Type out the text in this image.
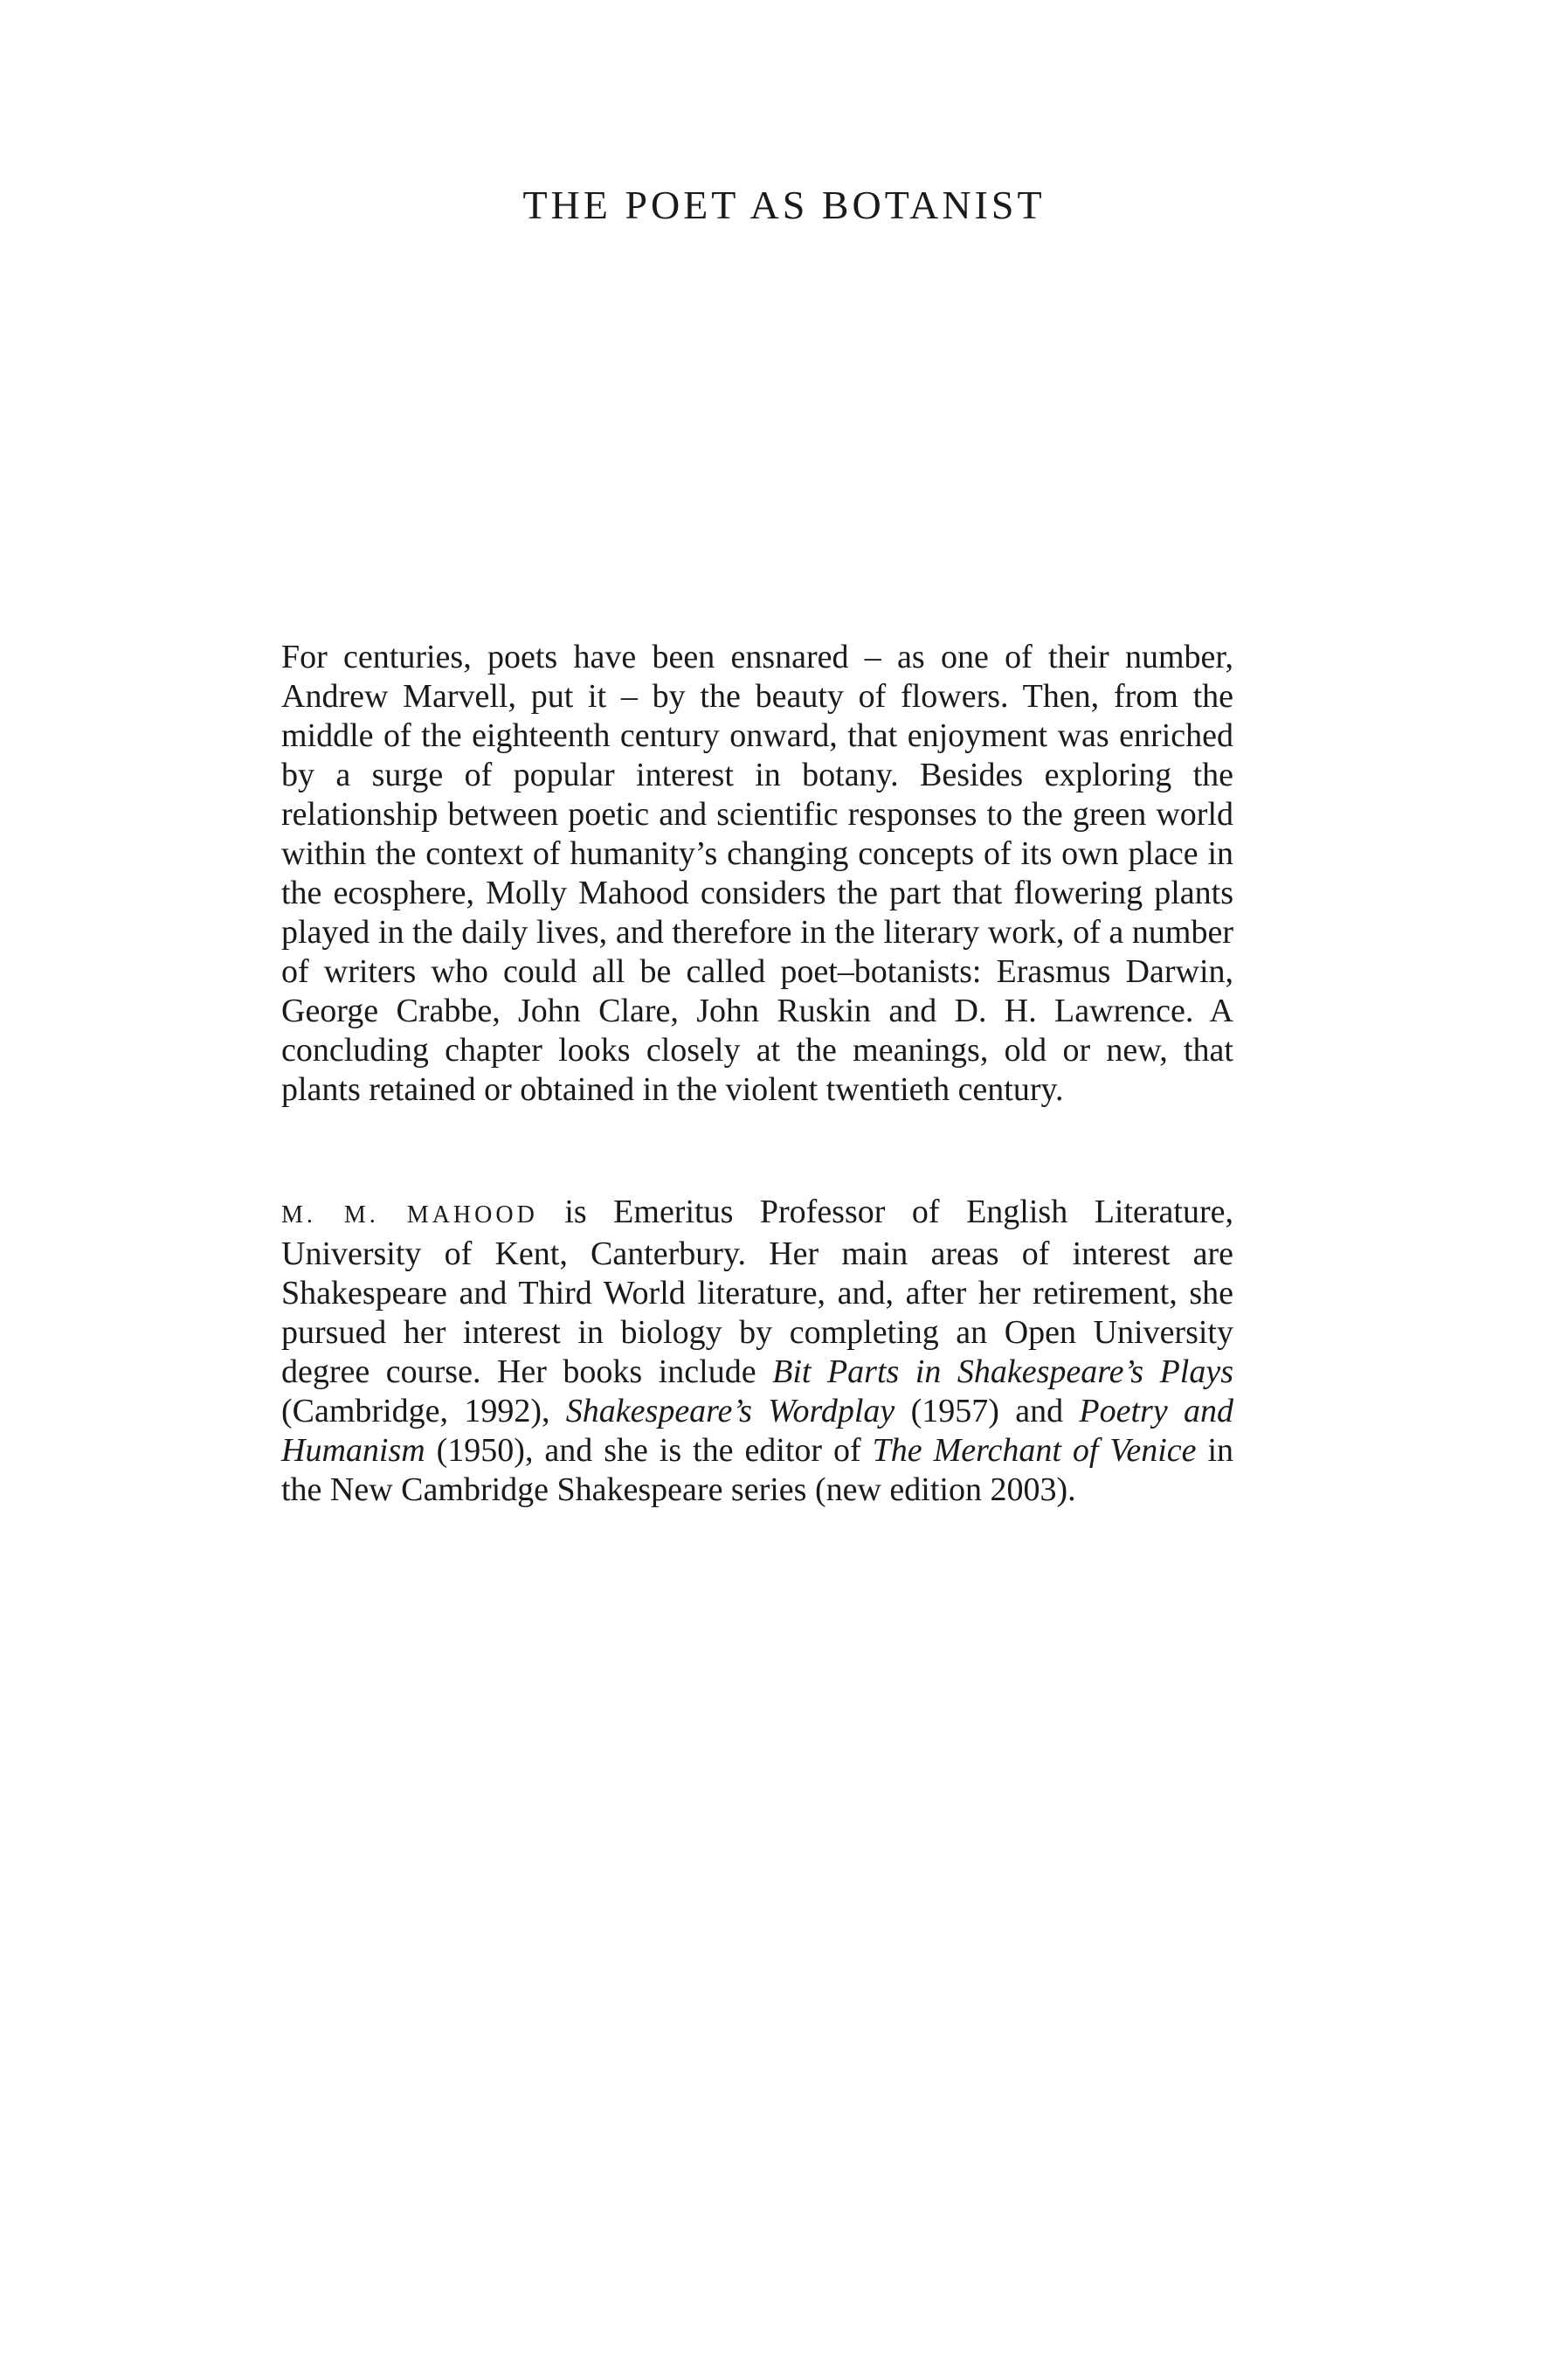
THE POET AS BOTANIST

For centuries, poets have been ensnared – as one of their number, Andrew Marvell, put it – by the beauty of flowers. Then, from the middle of the eighteenth century onward, that enjoyment was enriched by a surge of popular interest in botany. Besides exploring the relationship between poetic and scientific responses to the green world within the context of humanity’s changing concepts of its own place in the ecosphere, Molly Mahood considers the part that flowering plants played in the daily lives, and therefore in the literary work, of a number of writers who could all be called poet–botanists: Erasmus Darwin, George Crabbe, John Clare, John Ruskin and D. H. Lawrence. A concluding chapter looks closely at the meanings, old or new, that plants retained or obtained in the violent twentieth century.

M. M. MAHOOD is Emeritus Professor of English Literature, University of Kent, Canterbury. Her main areas of interest are Shakespeare and Third World literature, and, after her retirement, she pursued her interest in biology by completing an Open University degree course. Her books include Bit Parts in Shakespeare’s Plays (Cambridge, 1992), Shakespeare’s Wordplay (1957) and Poetry and Humanism (1950), and she is the editor of The Merchant of Venice in the New Cambridge Shakespeare series (new edition 2003).
